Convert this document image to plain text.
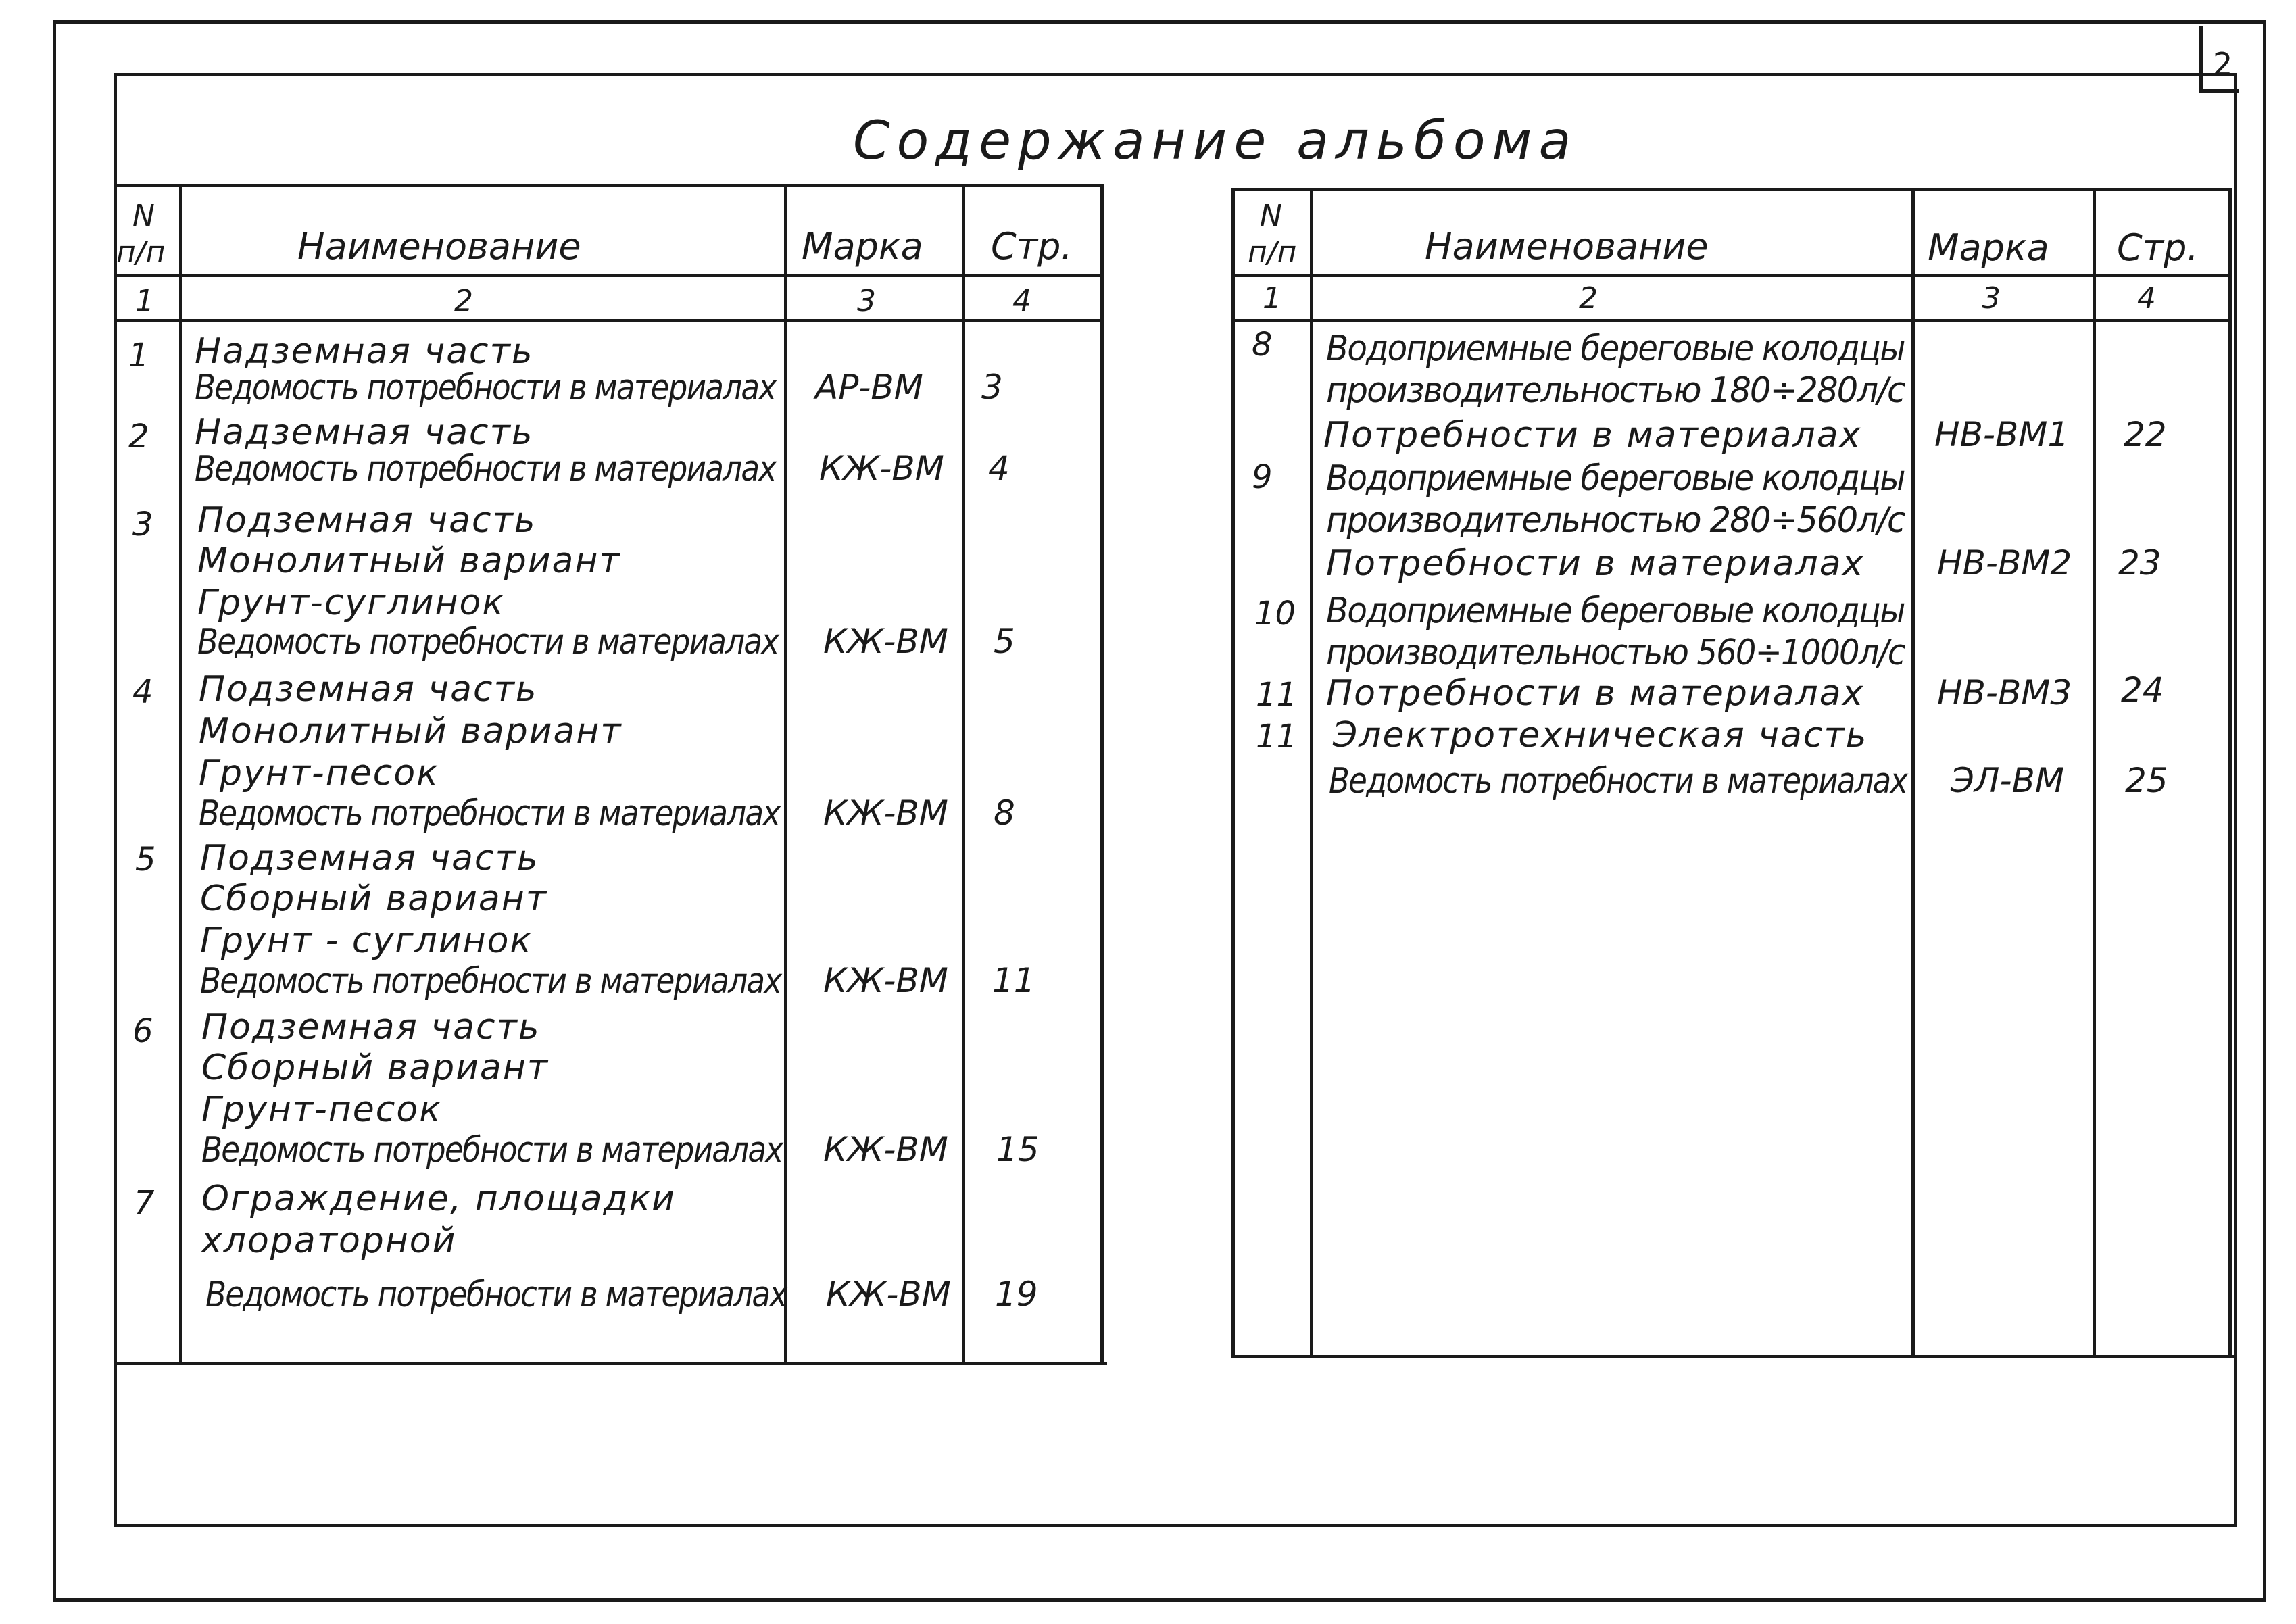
2
Содержание альбома
N
п/п	Наименование	Марка Стр.
1	2	3	4
1 Надземная часть
Ведомость потребности в материалах АР-ВМ 3
2 Надземная часть
Ведомость потребности в материалах КЖ-ВМ 4
3 Подземная часть
Монолитный вариант
Грунт-суглинок
Ведомость потребности в материалах КЖ-ВМ 5
4 Подземная часть
Монолитный вариант
Грунт-песок
Ведомость потребности в материалах КЖ-ВМ 8
5 Подземная часть
Сборный вариант
Грунт - суглинок
Ведомость потребности в материалах КЖ-ВМ 11
6 Подземная часть
Сборный вариант
Грунт-песок
Ведомость потребности в материалах КЖ-ВМ 15
7 Ограждение, площадки
хлораторной
Ведомость потребности в материалах КЖ-ВМ 19
N
п/п	Наименование	Марка Стр.
1	2	3	4
8 Водоприемные береговые колодцы
производительностью 180÷280л/с
Потребности в материалах НВ-ВМ1 22
9 Водоприемные береговые колодцы
производительностью 280÷560л/с
Потребности в материалах НВ-ВМ2 23
10 Водоприемные береговые колодцы
производительностью 560÷1000л/с
11 Потребности в материалах НВ-ВМ3 24
11 Электротехническая часть
Ведомость потребности в материалах ЭЛ-ВМ 25
